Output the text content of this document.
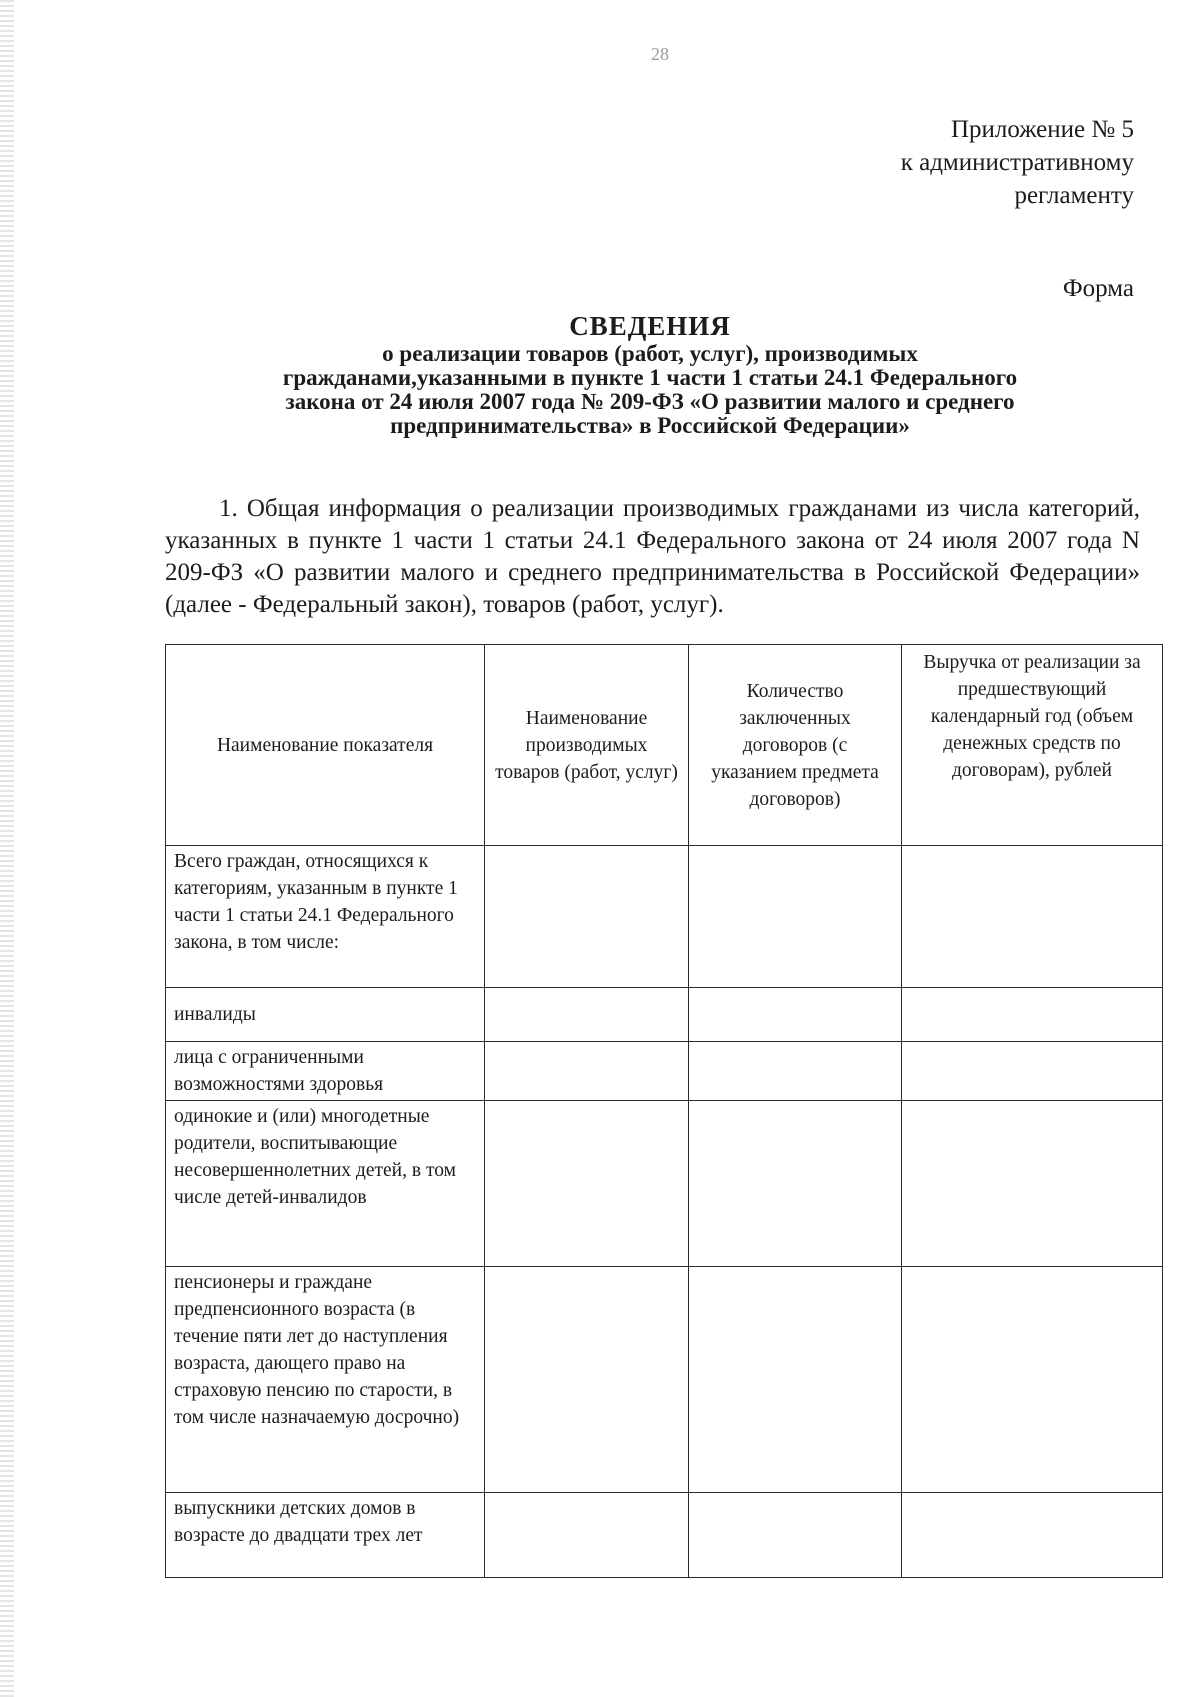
28
Приложение № 5
к административному
регламенту
Форма
СВЕДЕНИЯ
о реализации товаров (работ, услуг), производимых
гражданами,указанными в пункте 1 части 1 статьи 24.1 Федерального
закона от 24 июля 2007 года № 209-ФЗ «О развитии малого и среднего
предпринимательства» в Российской Федерации»
1. Общая информация о реализации производимых гражданами из числа категорий, указанных в пункте 1 части 1 статьи 24.1 Федерального закона от 24 июля 2007 года N 209-ФЗ «О развитии малого и среднего предпринимательства в Российской Федерации» (далее - Федеральный закон), товаров (работ, услуг).
Наименование показателя	Наименование производимых товаров (работ, услуг)	Количество заключенных договоров (с указанием предмета договоров)	Выручка от реализации за предшествующий календарный год (объем денежных средств по договорам), рублей
Всего граждан, относящихся к категориям, указанным в пункте 1 части 1 статьи 24.1 Федерального закона, в том числе:			
инвалиды			
лица с ограниченными возможностями здоровья			
одинокие и (или) многодетные родители, воспитывающие несовершеннолетних детей, в том числе детей-инвалидов			
пенсионеры и граждане предпенсионного возраста (в течение пяти лет до наступления возраста, дающего право на страховую пенсию по старости, в том числе назначаемую досрочно)			
выпускники детских домов в возрасте до двадцати трех лет			
